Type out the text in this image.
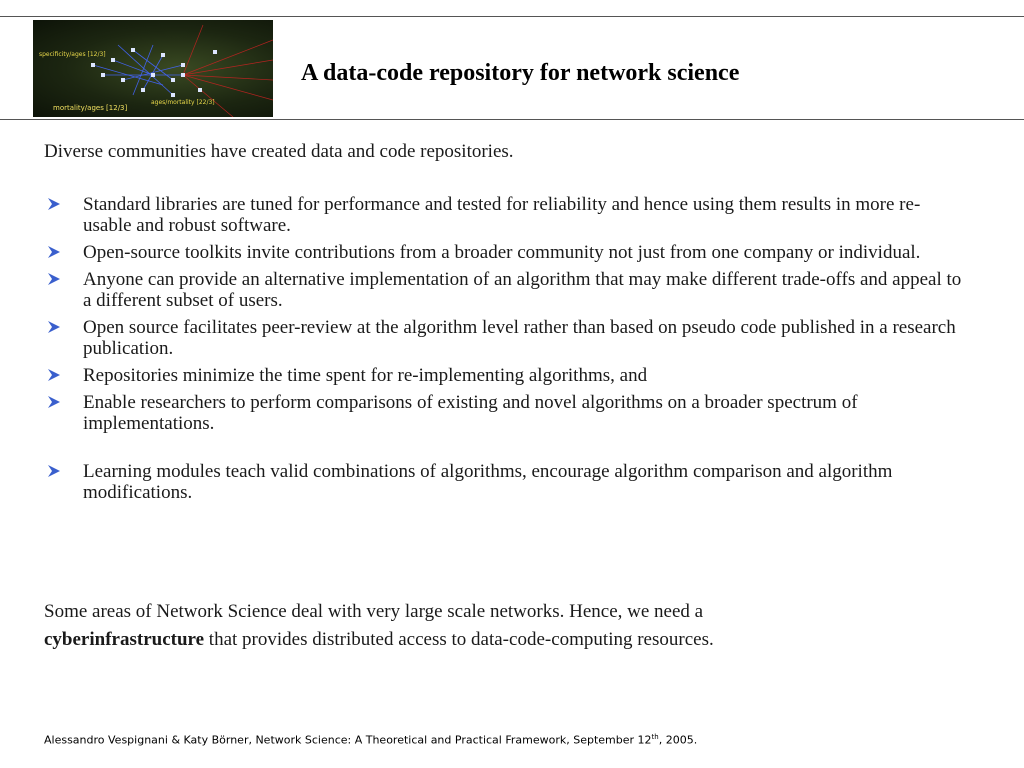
specificity/ages [12/3]
mortality/ages [12/3]
ages/mortality [22/3]
A data-code repository for network science
Diverse communities have created data and code repositories.
Standard libraries are tuned for performance and tested for reliability and hence using them results in more re-usable and robust software.
Open-source toolkits invite contributions from a broader community not just from one company or individual.
Anyone can provide an alternative implementation of an algorithm that may make different trade-offs and appeal to a different subset of users.
Open source facilitates peer-review at the algorithm level rather than based on pseudo code published in a research publication.
Repositories minimize the time spent for re-implementing algorithms, and
Enable researchers to perform comparisons of existing and novel algorithms on a broader spectrum of implementations.
Learning modules teach valid combinations of algorithms, encourage algorithm comparison and algorithm modifications.
Some areas of Network Science deal with very large scale networks. Hence, we need a
cyberinfrastructure that provides distributed access to data-code-computing resources.
Alessandro Vespignani & Katy Börner, Network Science: A Theoretical and Practical Framework, September 12th, 2005.
